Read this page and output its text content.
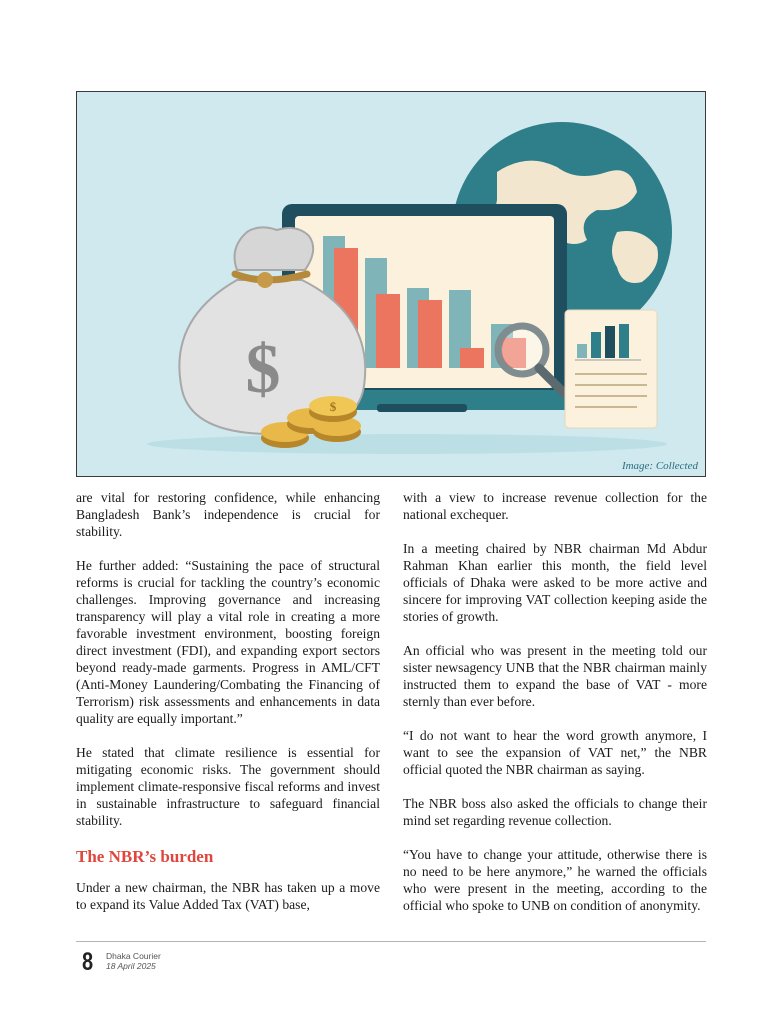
$	$
Image: Collected

are vital for restoring confidence, while enhancing Bangladesh Bank’s independence is crucial for stability.

He further added: “Sustaining the pace of structural reforms is crucial for tackling the country’s economic challenges. Improving governance and increasing transparency will play a vital role in creating a more favorable investment environment, boosting foreign direct investment (FDI), and expanding export sectors beyond ready-made garments. Progress in AML/CFT (Anti-Money Laundering/Combating the Financing of Terrorism) risk assessments and enhancements in data quality are equally important.”

He stated that climate resilience is essential for mitigating economic risks. The government should implement climate-responsive fiscal reforms and invest in sustainable infrastructure to safeguard financial stability.

The NBR’s burden

Under a new chairman, the NBR has taken up a move to expand its Value Added Tax (VAT) base,

with a view to increase revenue collection for the national exchequer.

In a meeting chaired by NBR chairman Md Abdur Rahman Khan earlier this month, the field level officials of Dhaka were asked to be more active and sincere for improving VAT collection keeping aside the stories of growth.

An official who was present in the meeting told our sister newsagency UNB that the NBR chairman mainly instructed them to expand the base of VAT - more sternly than ever before.

“I do not want to hear the word growth anymore, I want to see the expansion of VAT net,” the NBR official quoted the NBR chairman as saying.

The NBR boss also asked the officials to change their mind set regarding revenue collection.

“You have to change your attitude, otherwise there is no need to be here anymore,” he warned the officials who were present in the meeting, according to the official who spoke to UNB on condition of anonymity.

8 Dhaka Courier
18 April 2025
